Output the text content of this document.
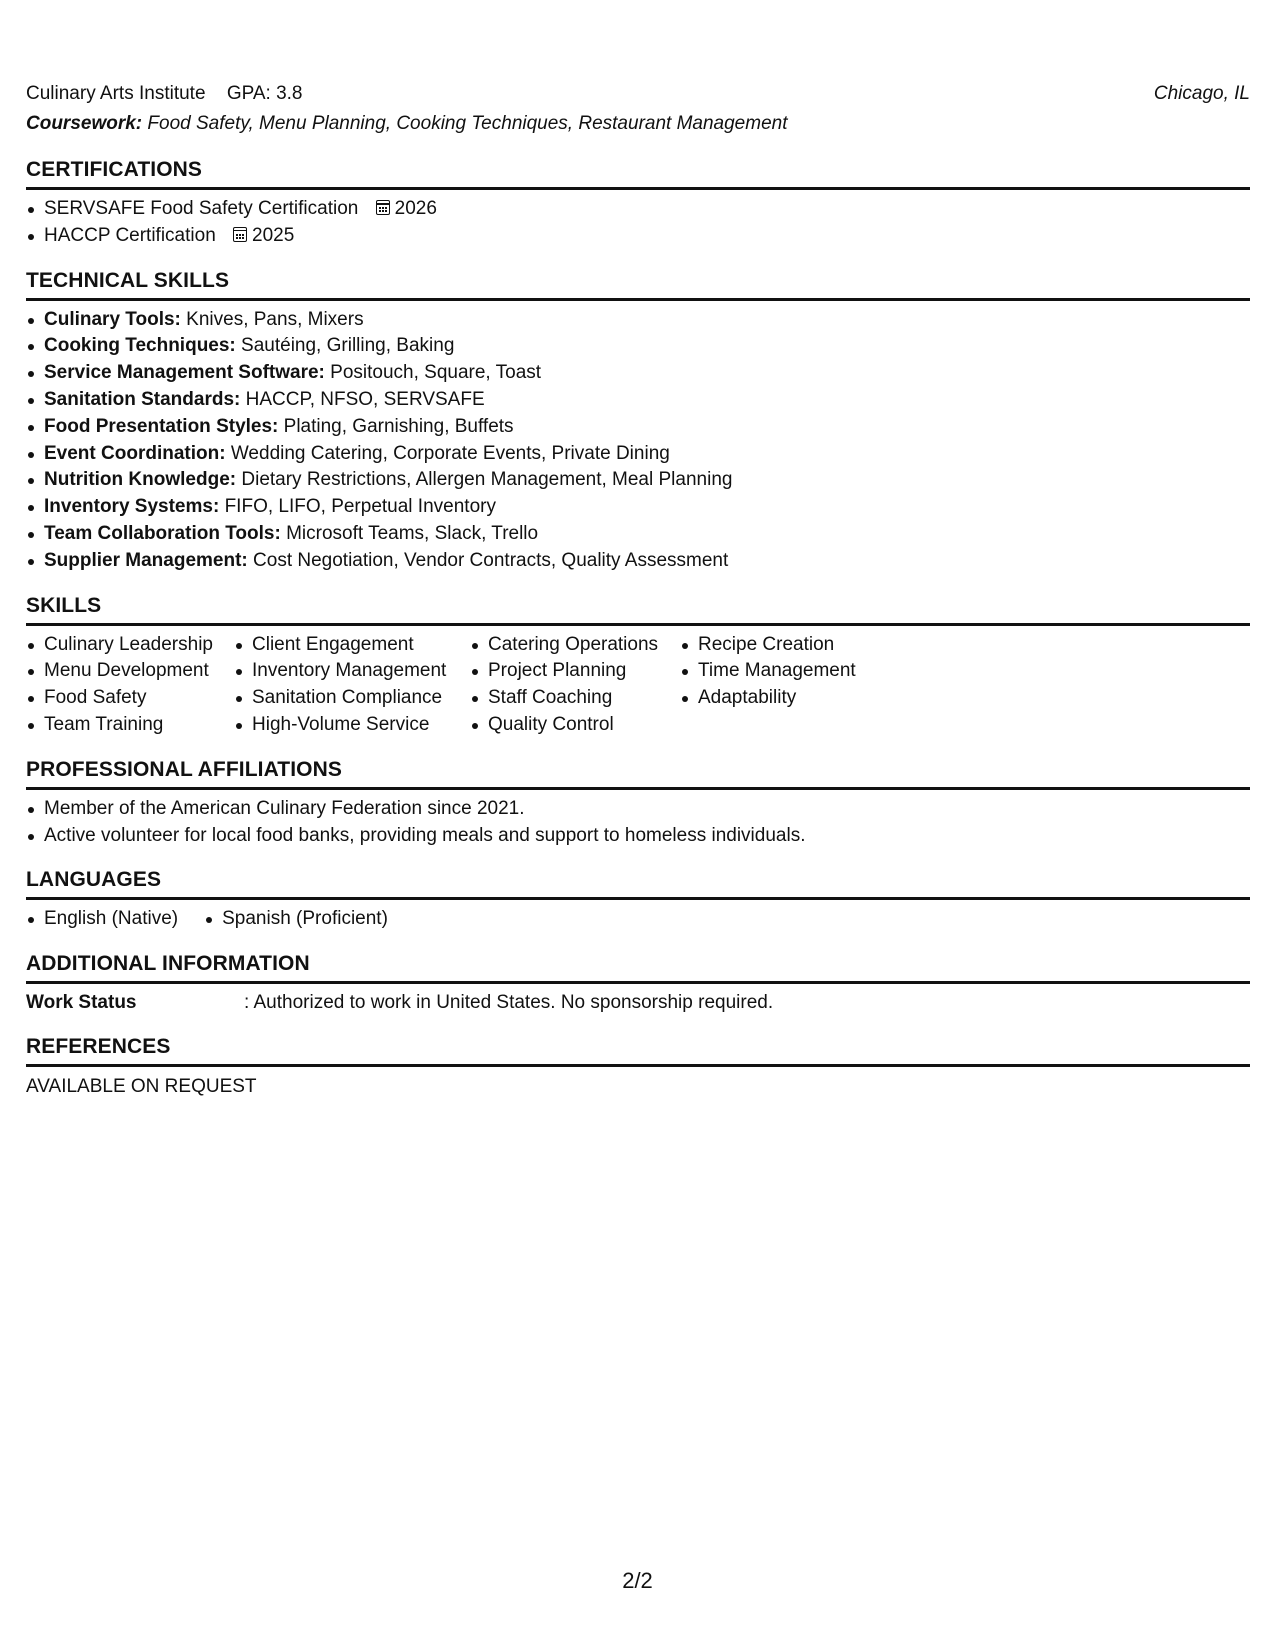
Culinary Arts Institute GPA: 3.8	Chicago, IL
Coursework: Food Safety, Menu Planning, Cooking Techniques, Restaurant Management
CERTIFICATIONS
SERVSAFE Food Safety Certification 2026
HACCP Certification 2025
TECHNICAL SKILLS
Culinary Tools: Knives, Pans, Mixers
Cooking Techniques: Sautéing, Grilling, Baking
Service Management Software: Positouch, Square, Toast
Sanitation Standards: HACCP, NFSO, SERVSAFE
Food Presentation Styles: Plating, Garnishing, Buffets
Event Coordination: Wedding Catering, Corporate Events, Private Dining
Nutrition Knowledge: Dietary Restrictions, Allergen Management, Meal Planning
Inventory Systems: FIFO, LIFO, Perpetual Inventory
Team Collaboration Tools: Microsoft Teams, Slack, Trello
Supplier Management: Cost Negotiation, Vendor Contracts, Quality Assessment
SKILLS
Culinary Leadership
Menu Development
Food Safety
Team Training
Client Engagement
Inventory Management
Sanitation Compliance
High-Volume Service
Catering Operations
Project Planning
Staff Coaching
Quality Control
Recipe Creation
Time Management
Adaptability
PROFESSIONAL AFFILIATIONS
Member of the American Culinary Federation since 2021.
Active volunteer for local food banks, providing meals and support to homeless individuals.
LANGUAGES
English (Native)	Spanish (Proficient)
ADDITIONAL INFORMATION
Work Status	: Authorized to work in United States. No sponsorship required.
REFERENCES
AVAILABLE ON REQUEST
2/2
